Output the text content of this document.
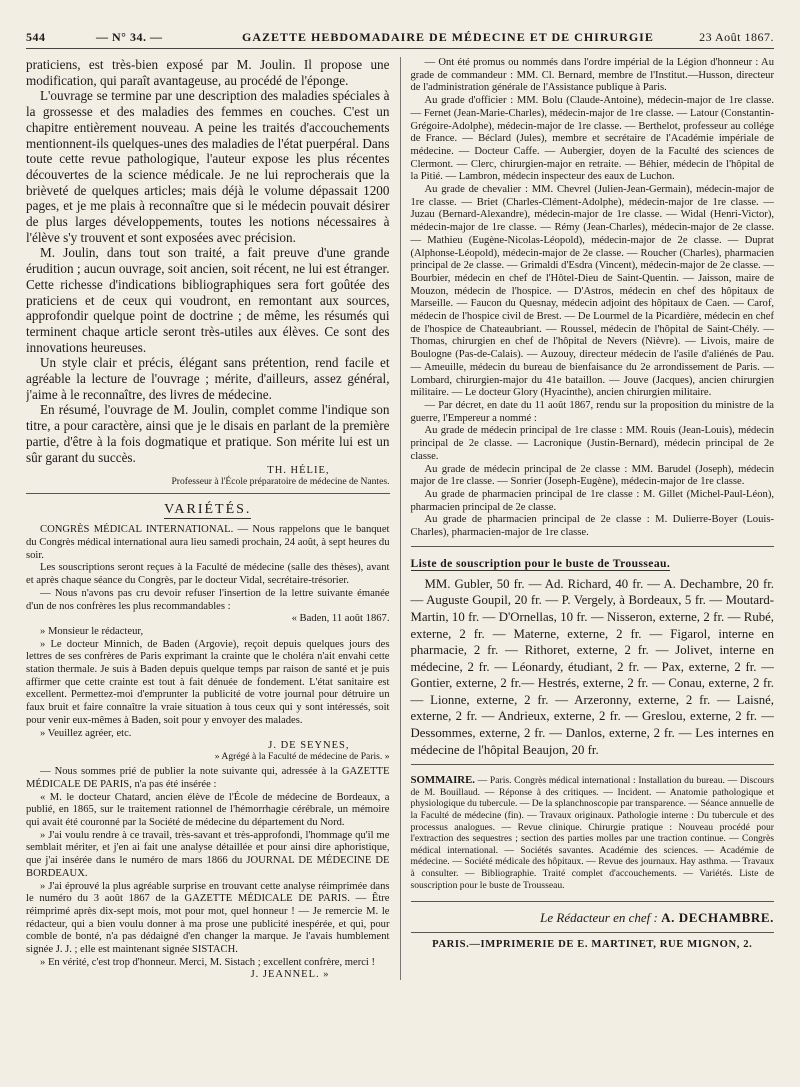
544	— N° 34. —	GAZETTE HEBDOMADAIRE DE MÉDECINE ET DE CHIRURGIE	23 Août 1867.

praticiens, est très-bien exposé par M. Joulin. Il propose une modification, qui paraît avantageuse, au procédé de l'éponge.

L'ouvrage se termine par une description des maladies spéciales à la grossesse et des maladies des femmes en couches. C'est un chapitre entièrement nouveau. A peine les traités d'accouchements mentionnent-ils quelques-unes des maladies de l'état puerpéral. Dans toute cette revue pathologique, l'auteur expose les plus récentes découvertes de la science médicale. Je ne lui reprocherais que la brièveté de quelques articles; mais déjà le volume dépassait 1200 pages, et je me plais à reconnaître que si le médecin pouvait désirer de plus larges développements, toutes les notions nécessaires à l'élève s'y trouvent et sont exposées avec précision.

M. Joulin, dans tout son traité, a fait preuve d'une grande érudition ; aucun ouvrage, soit ancien, soit récent, ne lui est étranger. Cette richesse d'indications bibliographiques sera fort goûtée des praticiens et de ceux qui voudront, en remontant aux sources, approfondir quelque point de doctrine ; de même, les résumés qui terminent chaque article seront très-utiles aux élèves. Ce sont des innovations heureuses.

Un style clair et précis, élégant sans prétention, rend facile et agréable la lecture de l'ouvrage ; mérite, d'ailleurs, assez général, j'aime à le reconnaître, des livres de médecine.

En résumé, l'ouvrage de M. Joulin, complet comme l'indique son titre, a pour caractère, ainsi que je le disais en parlant de la première partie, d'être à la fois dogmatique et pratique. Son mérite lui est un sûr garant du succès.

TH. HÉLIE,
Professeur à l'École préparatoire de médecine de Nantes.
VARIÉTÉS.

CONGRÈS MÉDICAL INTERNATIONAL. — Nous rappelons que le banquet du Congrès médical international aura lieu samedi prochain, 24 août, à sept heures du soir.

Les souscriptions seront reçues à la Faculté de médecine (salle des thèses), avant et après chaque séance du Congrès, par le docteur Vidal, secrétaire-trésorier.

— Nous n'avons pas cru devoir refuser l'insertion de la lettre suivante émanée d'un de nos confrères les plus recommandables :

« Baden, 11 août 1867.

» Monsieur le rédacteur,

» Le docteur Minnich, de Baden (Argovie), reçoit depuis quelques jours des lettres de ses confrères de Paris exprimant la crainte que le choléra n'ait envahi cette station thermale. Je suis à Baden depuis quelque temps par raison de santé et je puis affirmer que cette crainte est tout à fait dénuée de fondement. L'état sanitaire est excellent. Permettez-moi d'emprunter la publicité de votre journal pour détruire un faux bruit et faire connaître la vraie situation à tous ceux qui y sont intéressés, soit pour venir eux-mêmes à Baden, soit pour y envoyer des malades.

» Veuillez agréer, etc.

J. DE SEYNES,
» Agrégé à la Faculté de médecine de Paris. »

— Nous sommes prié de publier la note suivante qui, adressée à la GAZETTE MÉDICALE DE PARIS, n'a pas été insérée :

« M. le docteur Chatard, ancien élève de l'École de médecine de Bordeaux, a publié, en 1865, sur le traitement rationnel de l'hémorrhagie cérébrale, un mémoire qui avait été couronné par la Société de médecine du département du Nord.

» J'ai voulu rendre à ce travail, très-savant et très-approfondi, l'hommage qu'il me semblait mériter, et j'en ai fait une analyse détaillée et pour ainsi dire aphoristique, que j'ai insérée dans le numéro de mars 1866 du JOURNAL DE MÉDECINE DE BORDEAUX.

» J'ai éprouvé la plus agréable surprise en trouvant cette analyse réimprimée dans le numéro du 3 août 1867 de la GAZETTE MÉDICALE DE PARIS. — Être réimprimé après dix-sept mois, mot pour mot, quel honneur ! — Je remercie M. le rédacteur, qui a bien voulu donner à ma prose une publicité inespérée, et qui, pour comble de bonté, n'a pas dédaigné d'en changer la marque. Je l'avais humblement signée J. J. ; elle est maintenant signée SISTACH.

» En vérité, c'est trop d'honneur. Merci, M. Sistach ; excellent confrère, merci !

J. JEANNEL. »

— Ont été promus ou nommés dans l'ordre impérial de la Légion d'honneur : Au grade de commandeur : MM. Cl. Bernard, membre de l'Institut.—Husson, directeur de l'administration générale de l'Assistance publique à Paris.

Au grade d'officier : MM. Bolu (Claude-Antoine), médecin-major de 1re classe. — Fernet (Jean-Marie-Charles), médecin-major de 1re classe. — Latour (Constantin-Grégoire-Adolphe), médecin-major de 1re classe. — Berthelot, professeur au collége de France. — Béclard (Jules), membre et secrétaire de l'Académie impériale de médecine. — Docteur Caffe. — Aubergier, doyen de la Faculté des sciences de Clermont. — Clerc, chirurgien-major en retraite. — Béhier, médecin de l'hôpital de la Pitié. — Lambron, médecin inspecteur des eaux de Luchon.

Au grade de chevalier : MM. Chevrel (Julien-Jean-Germain), médecin-major de 1re classe. — Briet (Charles-Clément-Adolphe), médecin-major de 1re classe. — Juzau (Bernard-Alexandre), médecin-major de 1re classe. — Widal (Henri-Victor), médecin-major de 1re classe. — Rémy (Jean-Charles), médecin-major de 2e classe. — Mathieu (Eugène-Nicolas-Léopold), médecin-major de 2e classe. — Duprat (Alphonse-Léopold), médecin-major de 2e classe. — Roucher (Charles), pharmacien principal de 2e classe. — Grimaldi d'Esdra (Vincent), médecin-major de 2e classe. — Bourbier, médecin en chef de l'Hôtel-Dieu de Saint-Quentin. — Jaisson, maire de Mouzon, médecin de l'hospice. — D'Astros, médecin en chef des hôpitaux de Marseille. — Faucon du Quesnay, médecin adjoint des hôpitaux de Caen. — Carof, médecin de l'hospice civil de Brest. — De Lourmel de la Picardière, médecin en chef de l'hospice de Chateaubriant. — Roussel, médecin de l'hôpital de Saint-Chély. — Thomas, chirurgien en chef de l'hôpital de Nevers (Nièvre). — Livois, maire de Boulogne (Pas-de-Calais). — Auzouy, directeur médecin de l'asile d'aliénés de Pau. — Ameuille, médecin du bureau de bienfaisance du 2e arrondissement de Paris. — Lombard, chirurgien-major du 41e bataillon. — Jouve (Jacques), ancien chirurgien militaire. — Le docteur Glory (Hyacinthe), ancien chirurgien militaire.

— Par décret, en date du 11 août 1867, rendu sur la proposition du ministre de la guerre, l'Empereur a nommé :

Au grade de médecin principal de 1re classe : MM. Rouis (Jean-Louis), médecin principal de 2e classe. — Lacronique (Justin-Bernard), médecin principal de 2e classe.

Au grade de médecin principal de 2e classe : MM. Barudel (Joseph), médecin major de 1re classe. — Sonrier (Joseph-Eugène), médecin-major de 1re classe.

Au grade de pharmacien principal de 1re classe : M. Gillet (Michel-Paul-Léon), pharmacien principal de 2e classe.

Au grade de pharmacien principal de 2e classe : M. Dulierre-Boyer (Louis-Charles), pharmacien-major de 1re classe.

Liste de souscription pour le buste de Trousseau.

MM. Gubler, 50 fr. — Ad. Richard, 40 fr. — A. Dechambre, 20 fr. — Auguste Goupil, 20 fr. — P. Vergely, à Bordeaux, 5 fr. — Moutard-Martin, 10 fr. — D'Ornellas, 10 fr. — Nisseron, externe, 2 fr. — Rubé, externe, 2 fr. — Materne, externe, 2 fr. — Figarol, interne en pharmacie, 2 fr. — Rithoret, externe, 2 fr. — Jolivet, interne en médecine, 2 fr. — Léonardy, étudiant, 2 fr. — Pax, externe, 2 fr. — Gontier, externe, 2 fr.— Hestrés, externe, 2 fr. — Conau, externe, 2 fr. — Lionne, externe, 2 fr. — Arzeronny, externe, 2 fr. — Laisné, externe, 2 fr. — Andrieux, externe, 2 fr. — Greslou, externe, 2 fr. — Dessommes, externe, 2 fr. — Danlos, externe, 2 fr. — Les internes en médecine de l'hôpital Beaujon, 20 fr.

SOMMAIRE. — Paris. Congrès médical international : Installation du bureau. — Discours de M. Bouillaud. — Réponse à des critiques. — Incident. — Anatomie pathologique et physiologique du tubercule. — De la splanchnoscopie par transparence. — Séance annuelle de la Faculté de médecine (fin). — Travaux originaux. Pathologie interne : Du tubercule et des processus analogues. — Revue clinique. Chirurgie pratique : Nouveau procédé pour l'extraction des sequestres ; section des parties molles par une traction continue. — Congrès médical international. — Sociétés savantes. Académie des sciences. — Académie de médecine. — Société médicale des hôpitaux. — Revue des journaux. Hay asthma. — Travaux à consulter. — Bibliographie. Traité complet d'accouchements. — Variétés. Liste de souscription pour le buste de Trousseau.

Le Rédacteur en chef : A. DECHAMBRE.
PARIS.—IMPRIMERIE DE E. MARTINET, RUE MIGNON, 2.
